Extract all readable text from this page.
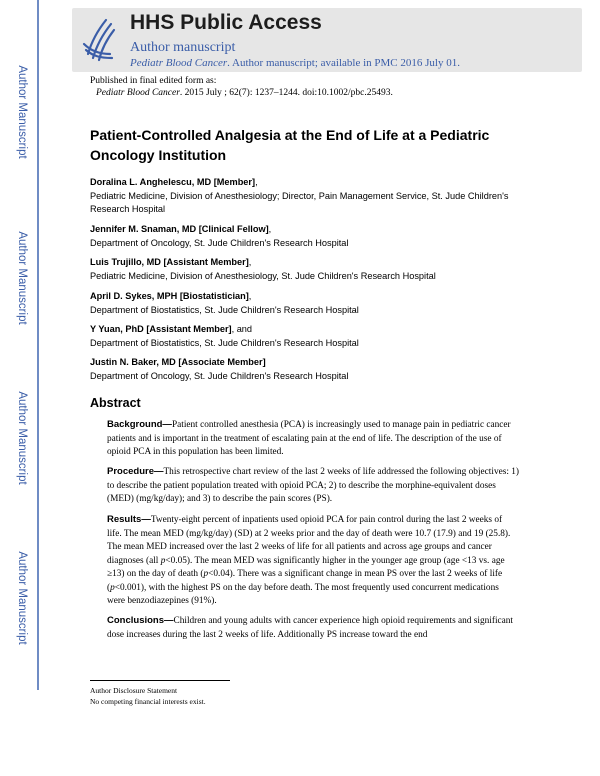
Author Manuscript
Author Manuscript
Author Manuscript
Author Manuscript
HHS Public Access
Author manuscript
Pediatr Blood Cancer. Author manuscript; available in PMC 2016 July 01.
Published in final edited form as:
Pediatr Blood Cancer. 2015 July ; 62(7): 1237–1244. doi:10.1002/pbc.25493.
Patient-Controlled Analgesia at the End of Life at a Pediatric Oncology Institution
Doralina L. Anghelescu, MD [Member],
Pediatric Medicine, Division of Anesthesiology; Director, Pain Management Service, St. Jude Children's Research Hospital
Jennifer M. Snaman, MD [Clinical Fellow],
Department of Oncology, St. Jude Children's Research Hospital
Luis Trujillo, MD [Assistant Member],
Pediatric Medicine, Division of Anesthesiology, St. Jude Children's Research Hospital
April D. Sykes, MPH [Biostatistician],
Department of Biostatistics, St. Jude Children's Research Hospital
Y Yuan, PhD [Assistant Member], and
Department of Biostatistics, St. Jude Children's Research Hospital
Justin N. Baker, MD [Associate Member]
Department of Oncology, St. Jude Children's Research Hospital
Abstract
Background—Patient controlled anesthesia (PCA) is increasingly used to manage pain in pediatric cancer patients and is important in the treatment of escalating pain at the end of life. The description of the use of opioid PCA in this population has been limited.
Procedure—This retrospective chart review of the last 2 weeks of life addressed the following objectives: 1) to describe the patient population treated with opioid PCA; 2) to describe the morphine-equivalent doses (MED) (mg/kg/day); and 3) to describe the pain scores (PS).
Results—Twenty-eight percent of inpatients used opioid PCA for pain control during the last 2 weeks of life. The mean MED (mg/kg/day) (SD) at 2 weeks prior and the day of death were 10.7 (17.9) and 19 (25.8). The mean MED increased over the last 2 weeks of life for all patients and across age groups and cancer diagnoses (all p<0.05). The mean MED was significantly higher in the younger age group (age <13 vs. age ≥13) on the day of death (p<0.04). There was a significant change in mean PS over the last 2 weeks of life (p<0.001), with the highest PS on the day before death. The most frequently used concurrent medications were benzodiazepines (91%).
Conclusions—Children and young adults with cancer experience high opioid requirements and significant dose increases during the last 2 weeks of life. Additionally PS increase toward the end
Author Disclosure Statement
No competing financial interests exist.
